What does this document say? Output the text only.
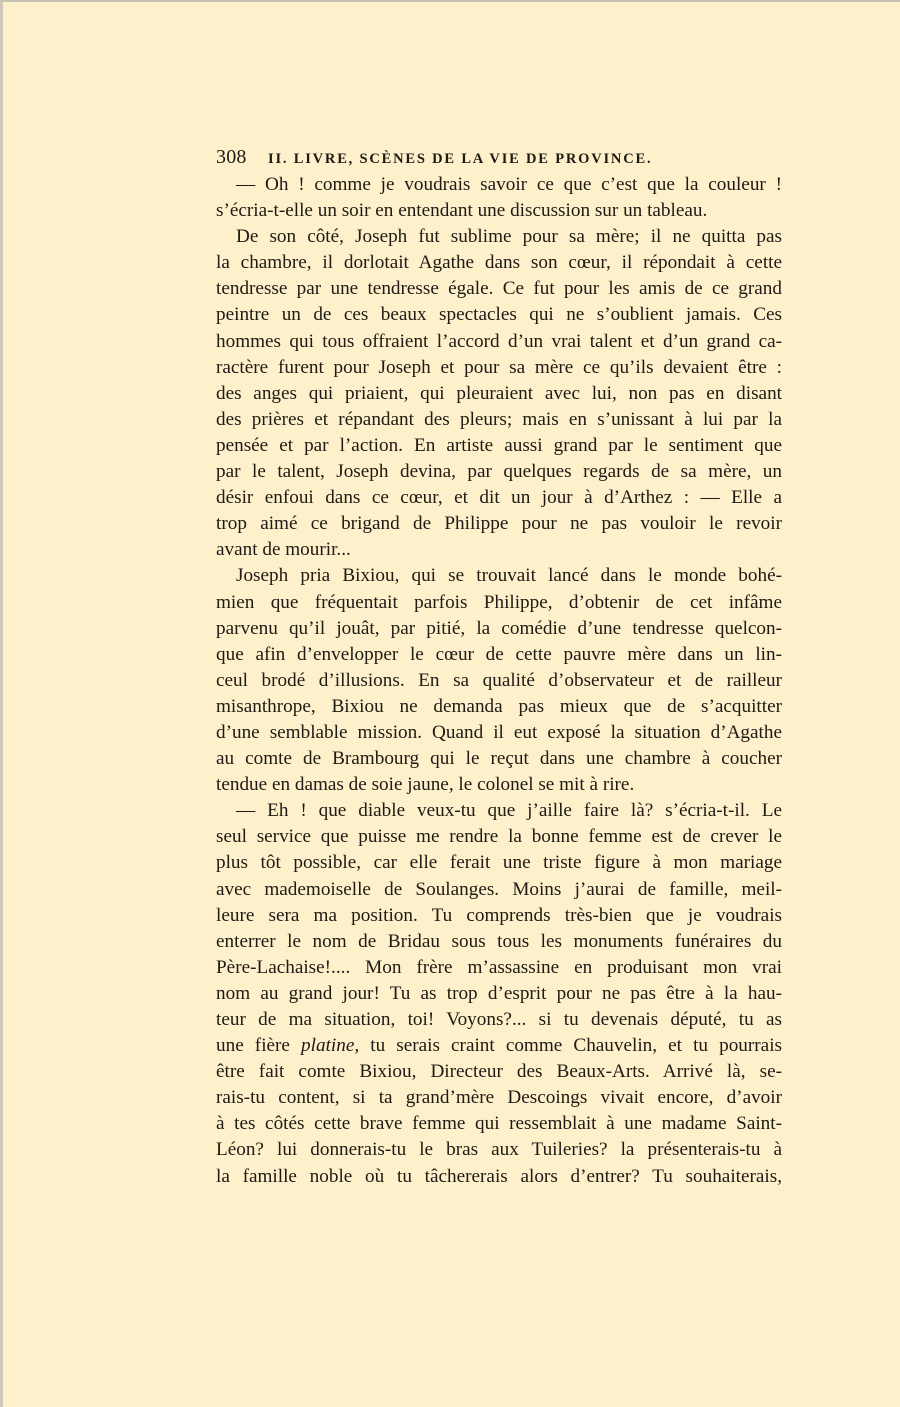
308	II. LIVRE, SCÈNES DE LA VIE DE PROVINCE.
— Oh ! comme je voudrais savoir ce que c’est que la couleur !
s’écria-t-elle un soir en entendant une discussion sur un tableau.
De son côté, Joseph fut sublime pour sa mère; il ne quitta pas
la chambre, il dorlotait Agathe dans son cœur, il répondait à cette
tendresse par une tendresse égale. Ce fut pour les amis de ce grand
peintre un de ces beaux spectacles qui ne s’oublient jamais. Ces
hommes qui tous offraient l’accord d’un vrai talent et d’un grand ca-
ractère furent pour Joseph et pour sa mère ce qu’ils devaient être :
des anges qui priaient, qui pleuraient avec lui, non pas en disant
des prières et répandant des pleurs; mais en s’unissant à lui par la
pensée et par l’action. En artiste aussi grand par le sentiment que
par le talent, Joseph devina, par quelques regards de sa mère, un
désir enfoui dans ce cœur, et dit un jour à d’Arthez : — Elle a
trop aimé ce brigand de Philippe pour ne pas vouloir le revoir
avant de mourir...
Joseph pria Bixiou, qui se trouvait lancé dans le monde bohé-
mien que fréquentait parfois Philippe, d’obtenir de cet infâme
parvenu qu’il jouât, par pitié, la comédie d’une tendresse quelcon-
que afin d’envelopper le cœur de cette pauvre mère dans un lin-
ceul brodé d’illusions. En sa qualité d’observateur et de railleur
misanthrope, Bixiou ne demanda pas mieux que de s’acquitter
d’une semblable mission. Quand il eut exposé la situation d’Agathe
au comte de Brambourg qui le reçut dans une chambre à coucher
tendue en damas de soie jaune, le colonel se mit à rire.
— Eh ! que diable veux-tu que j’aille faire là? s’écria-t-il. Le
seul service que puisse me rendre la bonne femme est de crever le
plus tôt possible, car elle ferait une triste figure à mon mariage
avec mademoiselle de Soulanges. Moins j’aurai de famille, meil-
leure sera ma position. Tu comprends très-bien que je voudrais
enterrer le nom de Bridau sous tous les monuments funéraires du
Père-Lachaise!.... Mon frère m’assassine en produisant mon vrai
nom au grand jour! Tu as trop d’esprit pour ne pas être à la hau-
teur de ma situation, toi! Voyons?... si tu devenais député, tu as
une fière platine, tu serais craint comme Chauvelin, et tu pourrais
être fait comte Bixiou, Directeur des Beaux-Arts. Arrivé là, se-
rais-tu content, si ta grand’mère Descoings vivait encore, d’avoir
à tes côtés cette brave femme qui ressemblait à une madame Saint-
Léon? lui donnerais-tu le bras aux Tuileries? la présenterais-tu à
la famille noble où tu tâchererais alors d’entrer? Tu souhaiterais,
